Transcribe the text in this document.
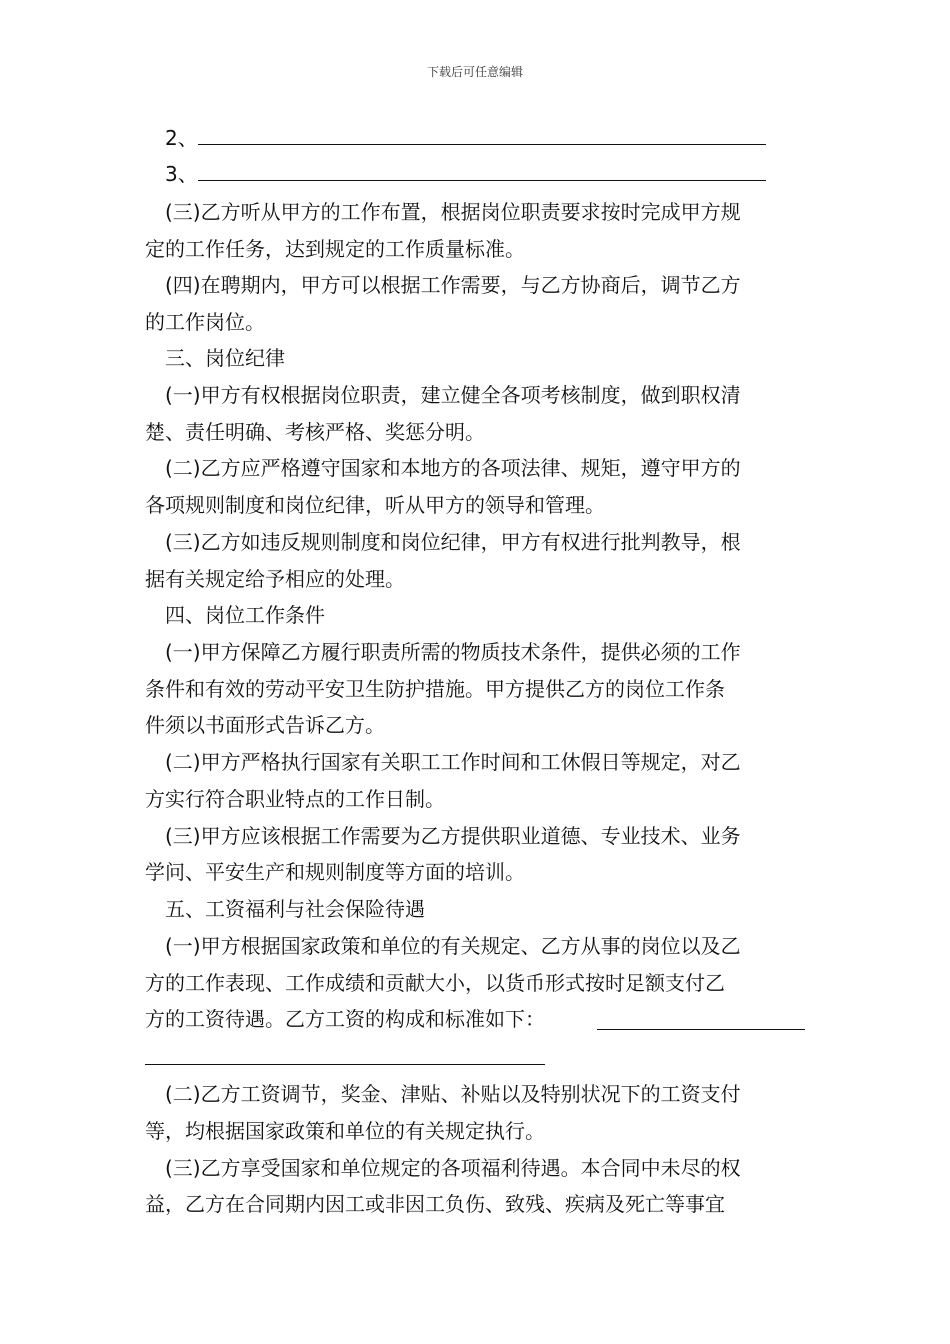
下载后可任意编辑
2、
3、
(三)乙方听从甲方的工作布置，根据岗位职责要求按时完成甲方规
定的工作任务，达到规定的工作质量标准。
(四)在聘期内，甲方可以根据工作需要，与乙方协商后，调节乙方
的工作岗位。
三、岗位纪律
(一)甲方有权根据岗位职责，建立健全各项考核制度，做到职权清
楚、责任明确、考核严格、奖惩分明。
(二)乙方应严格遵守国家和本地方的各项法律、规矩，遵守甲方的
各项规则制度和岗位纪律，听从甲方的领导和管理。
(三)乙方如违反规则制度和岗位纪律，甲方有权进行批判教导，根
据有关规定给予相应的处理。
四、岗位工作条件
(一)甲方保障乙方履行职责所需的物质技术条件，提供必须的工作
条件和有效的劳动平安卫生防护措施。甲方提供乙方的岗位工作条
件须以书面形式告诉乙方。
(二)甲方严格执行国家有关职工工作时间和工休假日等规定，对乙
方实行符合职业特点的工作日制。
(三)甲方应该根据工作需要为乙方提供职业道德、专业技术、业务
学问、平安生产和规则制度等方面的培训。
五、工资福利与社会保险待遇
(一)甲方根据国家政策和单位的有关规定、乙方从事的岗位以及乙
方的工作表现、工作成绩和贡献大小，以货币形式按时足额支付乙
方的工资待遇。乙方工资的构成和标准如下：
(二)乙方工资调节，奖金、津贴、补贴以及特别状况下的工资支付
等，均根据国家政策和单位的有关规定执行。
(三)乙方享受国家和单位规定的各项福利待遇。本合同中未尽的权
益，乙方在合同期内因工或非因工负伤、致残、疾病及死亡等事宜
